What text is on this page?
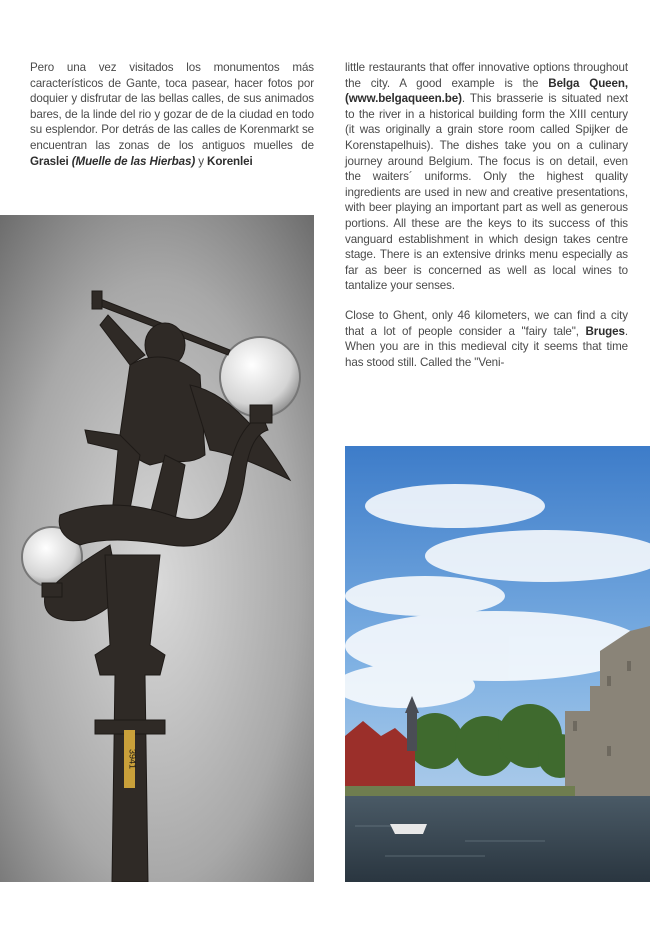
Pero una vez visitados los monumentos más característicos de Gante, toca pasear, hacer fotos por doquier y disfrutar de las bellas calles, de sus animados bares, de la linde del rio y gozar de de la ciudad en todo su esplendor. Por detrás de las calles de Korenmarkt se encuentran las zonas de los antiguos muelles de Graslei (Muelle de las Hierbas) y Korenlei

little restaurants that offer innovative options throughout the city. A good example is the Belga Queen, (www.belgaqueen.be). This brasserie is situated next to the river in a historical building form the XIII century (it was originally a grain store room called Spijker de Korenstapelhuis). The dishes take you on a culinary journey around Belgium. The focus is on detail, even the waiters´ uniforms. Only the highest quality ingredients are used in new and creative presentations, with beer playing an important part as well as generous portions. All these are the keys to its success of this vanguard establishment in which design takes centre stage. There is an extensive drinks menu especially as far as beer is concerned as well as local wines to tantalize your senses.

Close to Ghent, only 46 kilometers, we can find a city that a lot of people consider a "fairy tale", Bruges. When you are in this medieval city it seems that time has stood still. Called the "Veni-

3941
